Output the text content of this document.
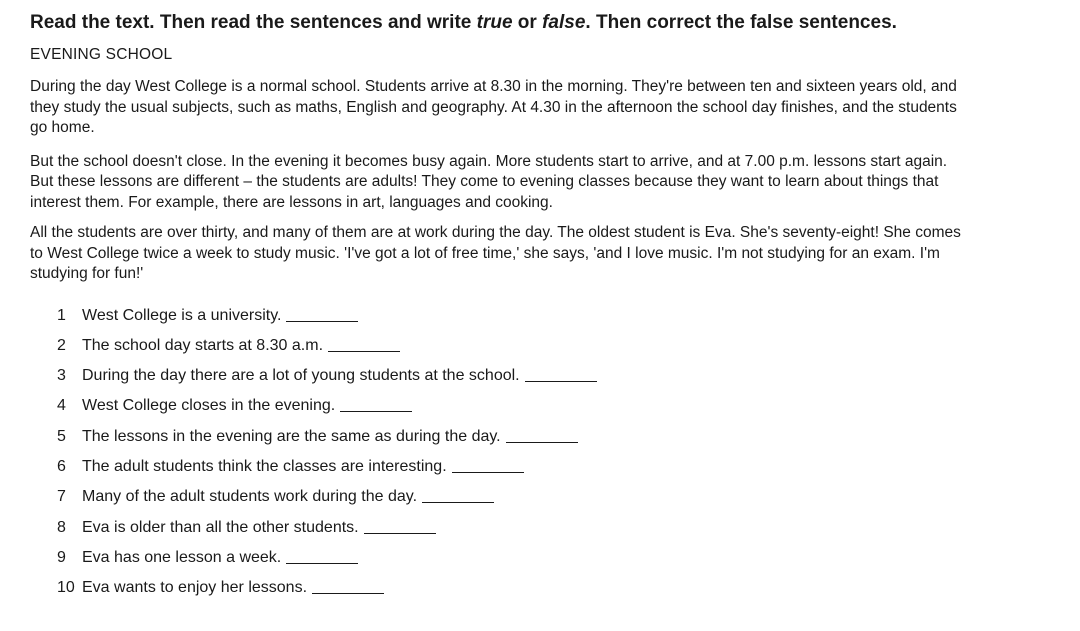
Read the text. Then read the sentences and write true or false. Then correct the false sentences.

EVENING SCHOOL

During the day West College is a normal school. Students arrive at 8.30 in the morning. They're between ten and sixteen years old, and they study the usual subjects, such as maths, English and geography. At 4.30 in the afternoon the school day finishes, and the students go home.

But the school doesn't close. In the evening it becomes busy again. More students start to arrive, and at 7.00 p.m. lessons start again. But these lessons are different – the students are adults! They come to evening classes because they want to learn about things that interest them. For example, there are lessons in art, languages and cooking.

All the students are over thirty, and many of them are at work during the day. The oldest student is Eva. She's seventy-eight! She comes to West College twice a week to study music. 'I've got a lot of free time,' she says, 'and I love music. I'm not studying for an exam. I'm studying for fun!'

1	West College is a university.
2	The school day starts at 8.30 a.m.
3	During the day there are a lot of young students at the school.
4	West College closes in the evening.
5	The lessons in the evening are the same as during the day.
6	The adult students think the classes are interesting.
7	Many of the adult students work during the day.
8	Eva is older than all the other students.
9	Eva has one lesson a week.
10 Eva wants to enjoy her lessons.
